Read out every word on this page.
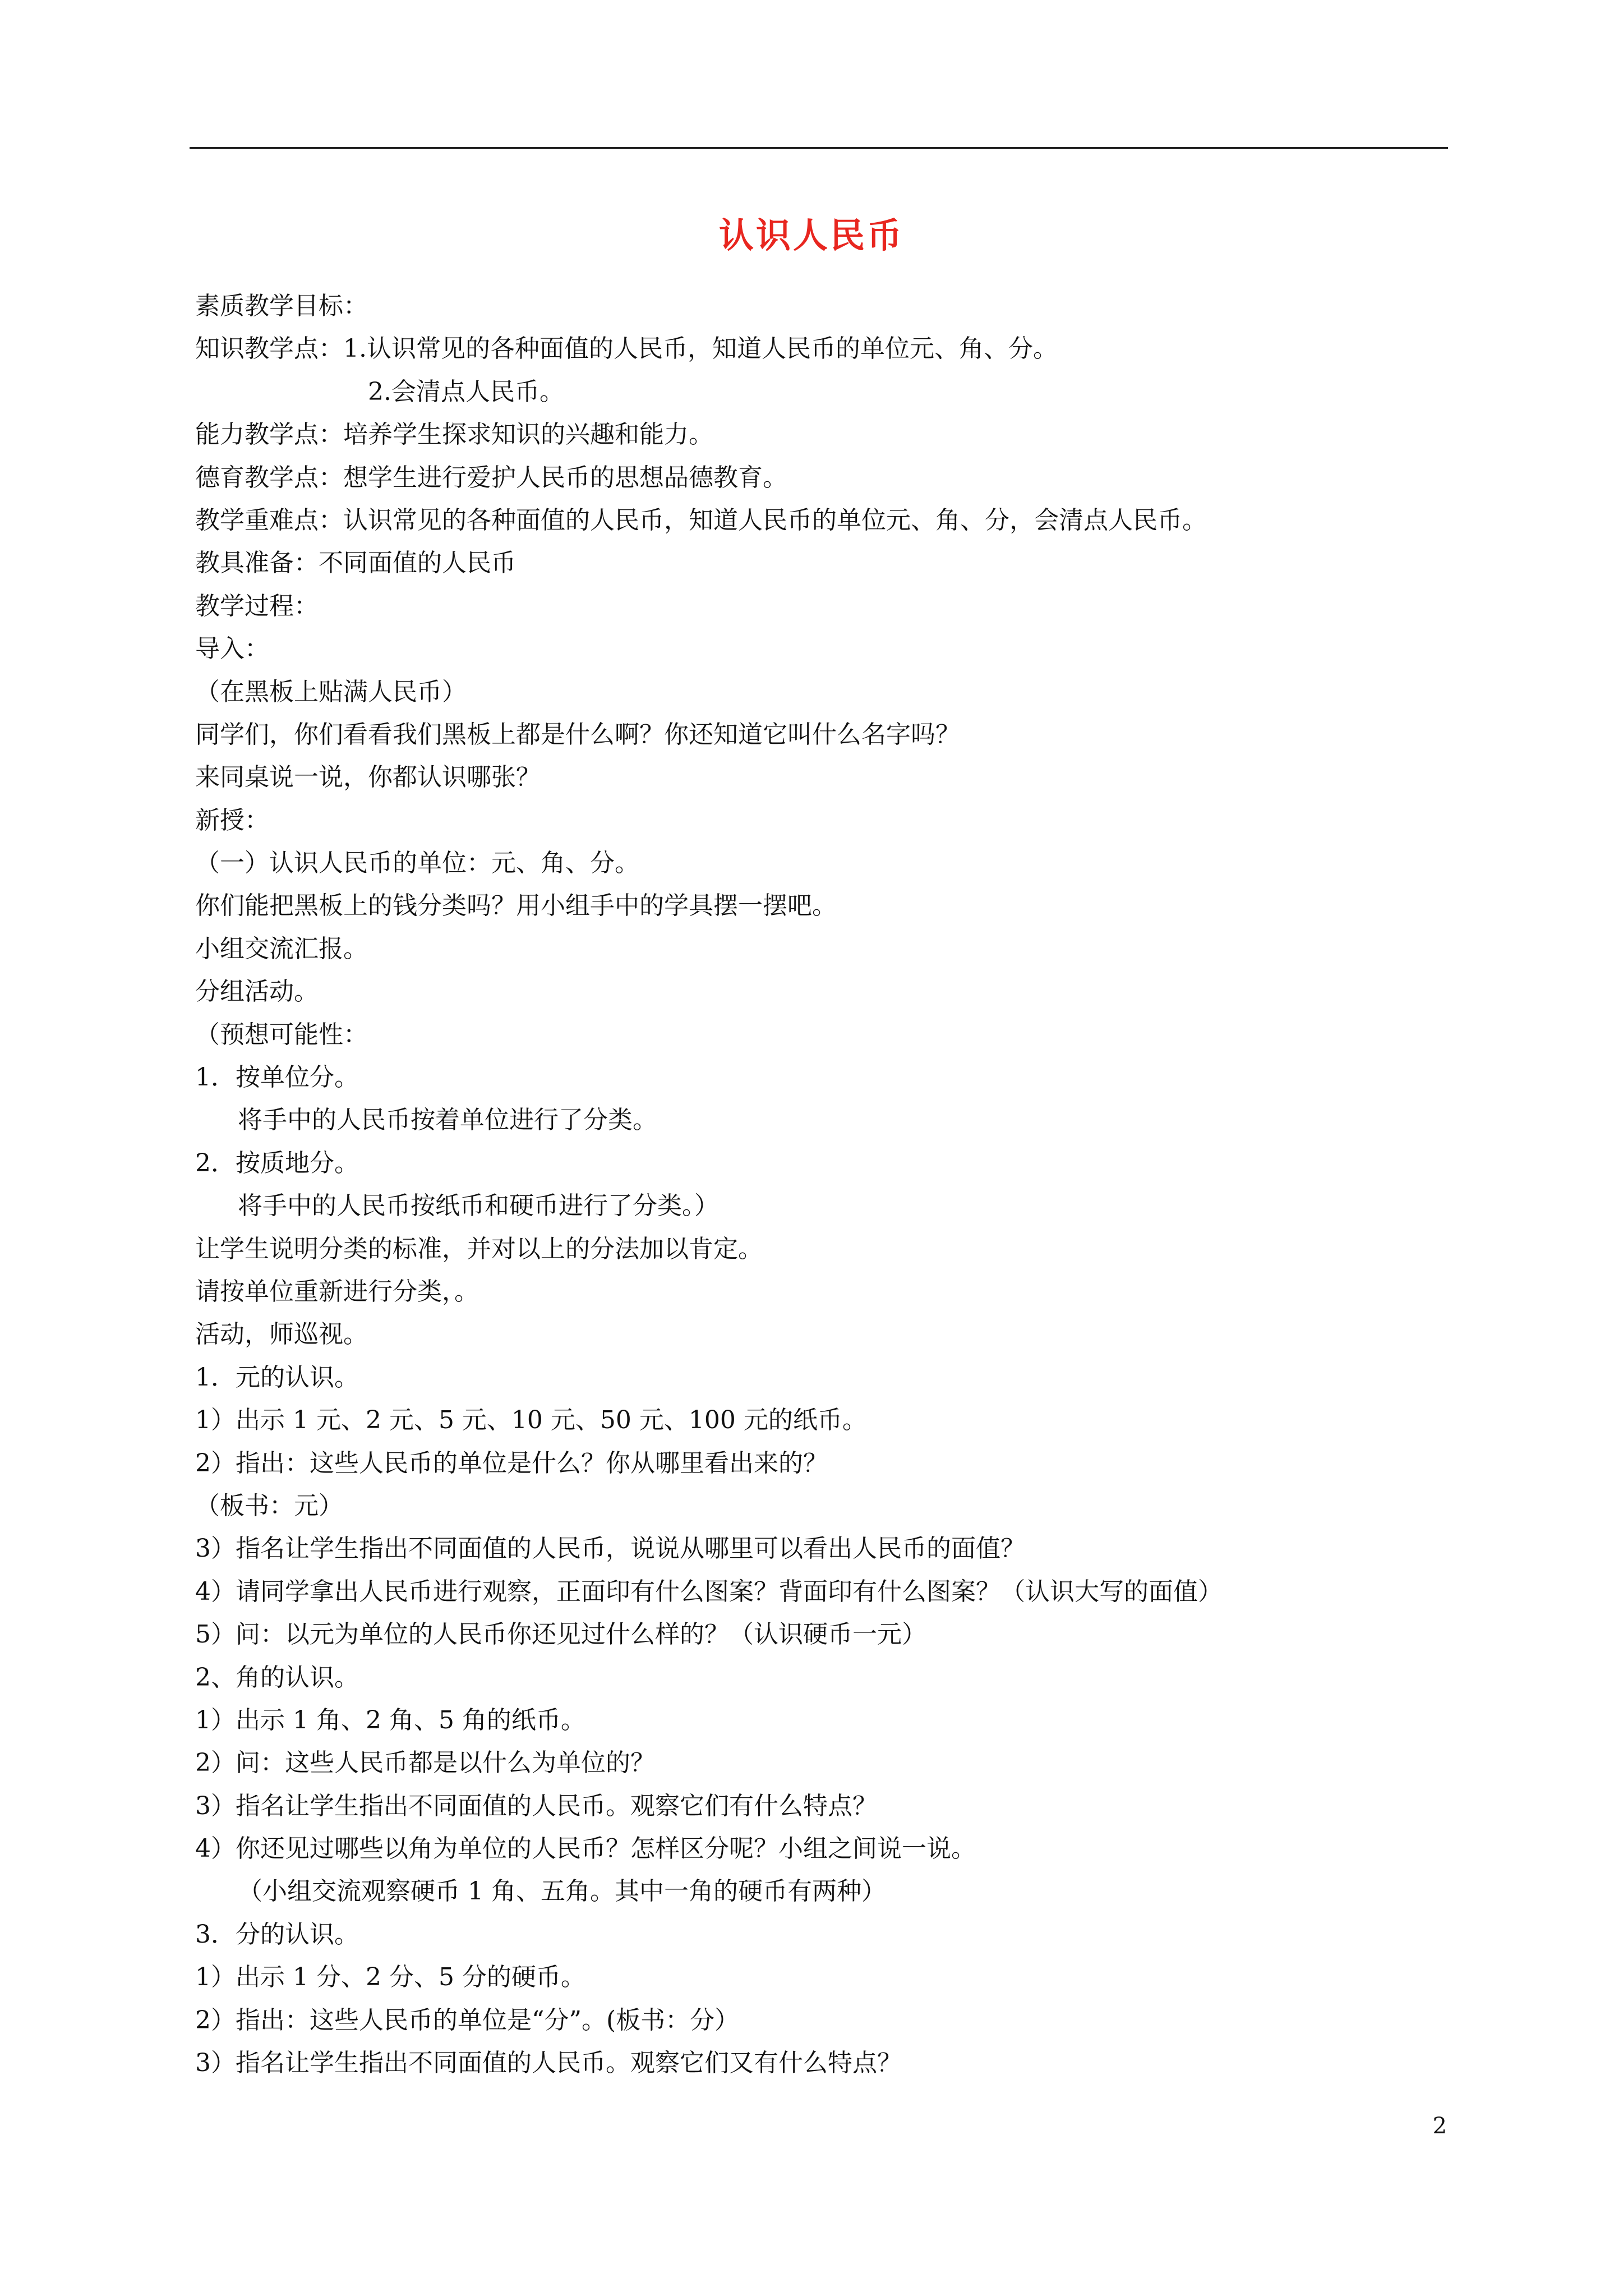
认识人民币
素质教学目标：
知识教学点：1.认识常见的各种面值的人民币，知道人民币的单位元、角、分。
2.会清点人民币。
能力教学点：培养学生探求知识的兴趣和能力。
德育教学点：想学生进行爱护人民币的思想品德教育。
教学重难点：认识常见的各种面值的人民币，知道人民币的单位元、角、分，会清点人民币。
教具准备：不同面值的人民币
教学过程：
导入：
（在黑板上贴满人民币）
同学们，你们看看我们黑板上都是什么啊？你还知道它叫什么名字吗？
来同桌说一说，你都认识哪张？
新授：
（一）认识人民币的单位：元、角、分。
你们能把黑板上的钱分类吗？用小组手中的学具摆一摆吧。
小组交流汇报。
分组活动。
（预想可能性：
1．按单位分。
将手中的人民币按着单位进行了分类。
2．按质地分。
将手中的人民币按纸币和硬币进行了分类。）
让学生说明分类的标准，并对以上的分法加以肯定。
请按单位重新进行分类，。
活动，师巡视。
1．元的认识。
1）出示 1 元、2 元、5 元、10 元、50 元、100 元的纸币。
2）指出：这些人民币的单位是什么？你从哪里看出来的？
（板书：元）
3）指名让学生指出不同面值的人民币，说说从哪里可以看出人民币的面值？
4）请同学拿出人民币进行观察，正面印有什么图案？背面印有什么图案？（认识大写的面值）
5）问：以元为单位的人民币你还见过什么样的？（认识硬币一元）
2、角的认识。
1）出示 1 角、2 角、5 角的纸币。
2）问：这些人民币都是以什么为单位的？
3）指名让学生指出不同面值的人民币。观察它们有什么特点？
4）你还见过哪些以角为单位的人民币？怎样区分呢？小组之间说一说。
（小组交流观察硬币 1 角、五角。其中一角的硬币有两种）
3．分的认识。
1）出示 1 分、2 分、5 分的硬币。
2）指出：这些人民币的单位是“分”。(板书：分）
3）指名让学生指出不同面值的人民币。观察它们又有什么特点？
2
